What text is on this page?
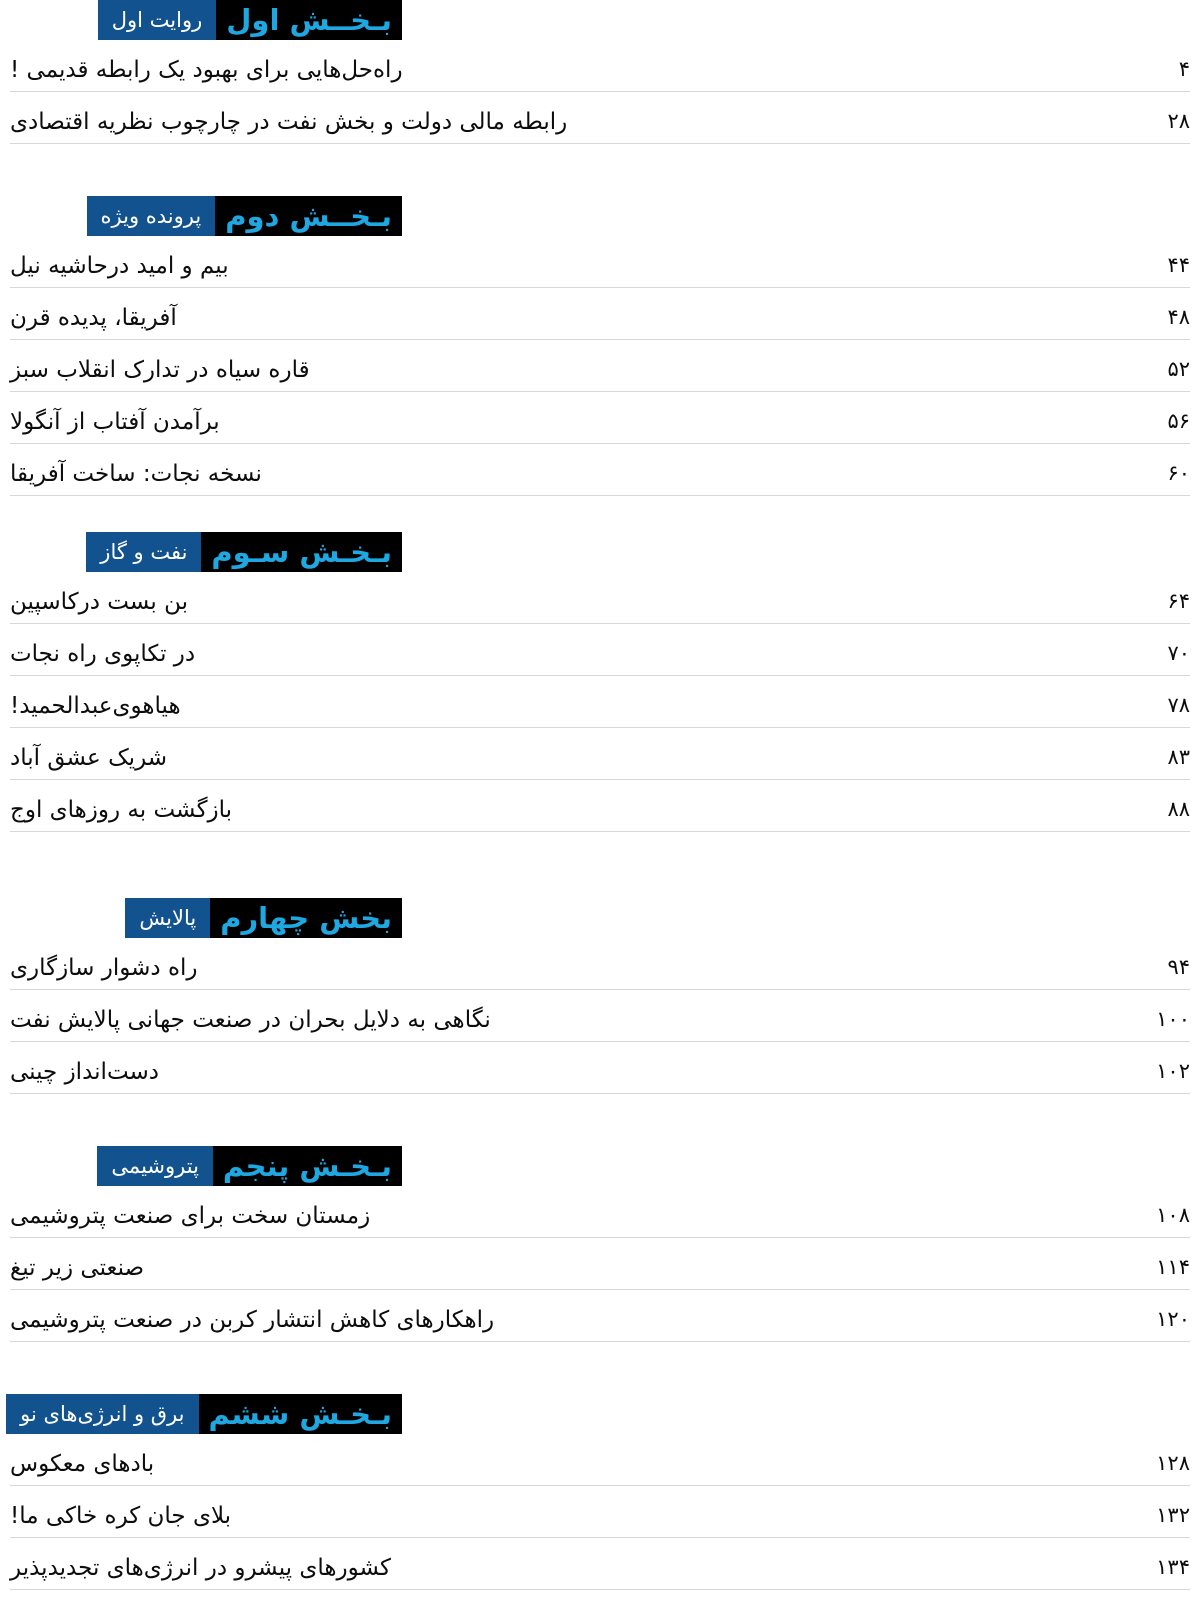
بـخــش اول
روایت اول
راه‌حل‌هایی برای بهبود یک رابطه قدیمی !	۴
رابطه مالی دولت و بخش نفت در چارچوب نظریه اقتصادی	۲۸
بـخــش دوم
پرونده ویژه
بیم و امید درحاشیه نیل	۴۴
آفریقا، پدیده قرن	۴۸
قاره سیاه در تدارک انقلاب سبز	۵۲
برآمدن آفتاب از آنگولا	۵۶
نسخه نجات: ساخت آفریقا	۶۰
بـخـش سـوم
نفت و گاز
بن بست درکاسپین	۶۴
در تکاپوی راه نجات	۷۰
هیاهوی‌عبدالحمید!	۷۸
شریک عشق آباد	۸۳
بازگشت به روزهای اوج	۸۸
بخش چهارم
پالایش
راه دشوار سازگاری	۹۴
نگاهی به دلایل بحران در صنعت جهانی پالایش نفت	۱۰۰
دست‌انداز چینی	۱۰۲
بـخـش پنجم
پتروشیمی
زمستان سخت برای صنعت پتروشیمی	۱۰۸
صنعتی زیر تیغ	۱۱۴
راهکارهای کاهش انتشار کربن در صنعت پتروشیمی	۱۲۰
بـخـش ششم
برق و انرژی‌های نو
بادهای معکوس	۱۲۸
بلای جان کره خاکی ما!	۱۳۲
کشورهای پیشرو در انرژی‌های تجدیدپذیر	۱۳۴
